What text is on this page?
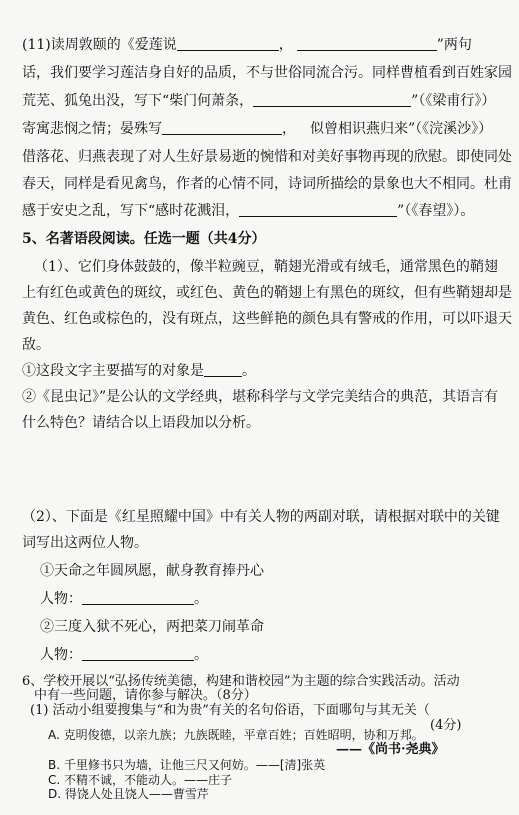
(11)读周敦颐的《爱莲说	，	”两句
话，我们要学习莲洁身自好的品质，不与世俗同流合污。同样曹植看到百姓家园
荒芜、狐兔出没，写下“柴门何萧条，	”（《梁甫行》）
寄寓悲悯之情；晏殊写	， 似曾相识燕归来”（《浣溪沙》）
借落花、归燕表现了对人生好景易逝的惋惜和对美好事物再现的欣慰。即使同处
春天，同样是看见禽鸟，作者的心情不同，诗词所描绘的景象也大不相同。杜甫
感于安史之乱，写下“感时花溅泪，	”（《春望》）。
5、名著语段阅读。任选一题（共4分）
（1）、它们身体鼓鼓的，像半粒豌豆，鞘翅光滑或有绒毛，通常黑色的鞘翅
上有红色或黄色的斑纹，或红色、黄色的鞘翅上有黑色的斑纹，但有些鞘翅却是
黄色、红色或棕色的，没有斑点，这些鲜艳的颜色具有警戒的作用，可以吓退天
敌。
①这段文字主要描写的对象是	。
②《昆虫记》”是公认的文学经典，堪称科学与文学完美结合的典范，其语言有
什么特色？请结合以上语段加以分析。
（2）、下面是《红星照耀中国》中有关人物的两副对联，请根据对联中的关键
词写出这两位人物。
①天命之年圆夙愿，献身教育捧丹心
人物：	。
②三度入狱不死心，两把菜刀闹革命
人物：	。
6、学校开展以“弘扬传统美德，构建和谐校园”为主题的综合实践活动。活动
中有一些问题，请你参与解决。（8分）
(1) 活动小组要搜集与“和为贵”有关的名句俗语，下面哪句与其无关（
(4分)
A. 克明俊德，以亲九族；九族既睦，平章百姓；百姓昭明，协和万邦。
——《尚书·尧典》
B. 千里修书只为墙，让他三尺又何妨。——[清]张英
C. 不精不诚，不能动人。——庄子
D. 得饶人处且饶人——曹雪芹
